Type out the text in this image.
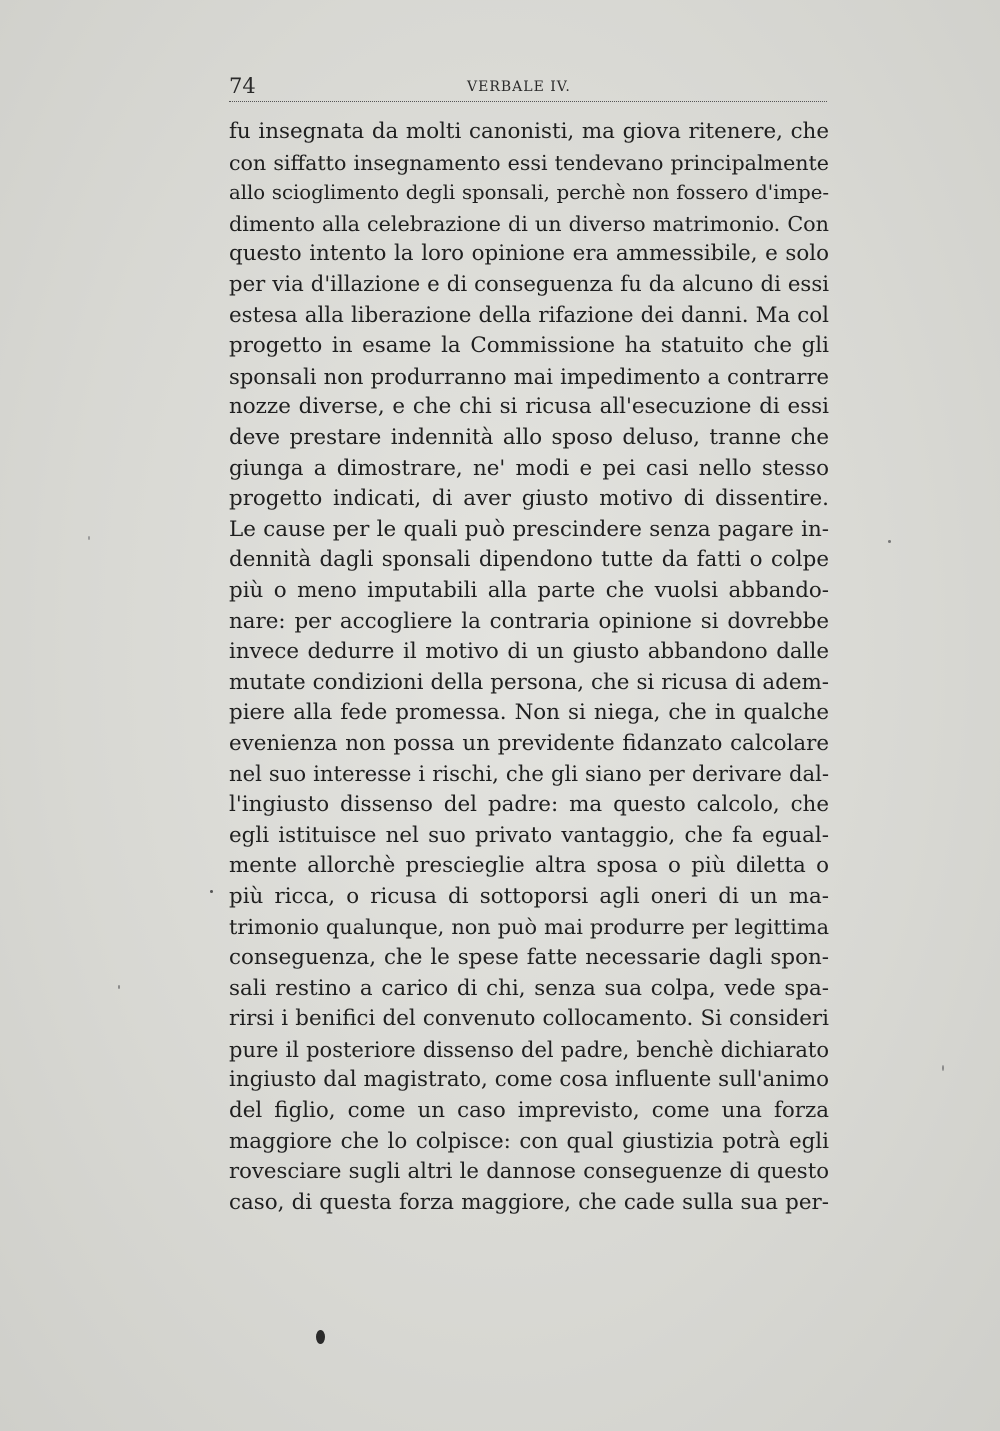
74	VERBALE IV.
fu insegnata da molti canonisti, ma giova ritenere, che
con siffatto insegnamento essi tendevano principalmente
allo scioglimento degli sponsali, perchè non fossero d'impe-
dimento alla celebrazione di un diverso matrimonio. Con
questo intento la loro opinione era ammessibile, e solo
per via d'illazione e di conseguenza fu da alcuno di essi
estesa alla liberazione della rifazione dei danni. Ma col
progetto in esame la Commissione ha statuito che gli
sponsali non produrranno mai impedimento a contrarre
nozze diverse, e che chi si ricusa all'esecuzione di essi
deve prestare indennità allo sposo deluso, tranne che
giunga a dimostrare, ne' modi e pei casi nello stesso
progetto indicati, di aver giusto motivo di dissentire.
Le cause per le quali può prescindere senza pagare in-
dennità dagli sponsali dipendono tutte da fatti o colpe
più o meno imputabili alla parte che vuolsi abbando-
nare: per accogliere la contraria opinione si dovrebbe
invece dedurre il motivo di un giusto abbandono dalle
mutate condizioni della persona, che si ricusa di adem-
piere alla fede promessa. Non si niega, che in qualche
evenienza non possa un previdente fidanzato calcolare
nel suo interesse i rischi, che gli siano per derivare dal-
l'ingiusto dissenso del padre: ma questo calcolo, che
egli istituisce nel suo privato vantaggio, che fa egual-
mente allorchè prescieglie altra sposa o più diletta o
più ricca, o ricusa di sottoporsi agli oneri di un ma-
trimonio qualunque, non può mai produrre per legittima
conseguenza, che le spese fatte necessarie dagli spon-
sali restino a carico di chi, senza sua colpa, vede spa-
rirsi i benifici del convenuto collocamento. Si consideri
pure il posteriore dissenso del padre, benchè dichiarato
ingiusto dal magistrato, come cosa influente sull'animo
del figlio, come un caso imprevisto, come una forza
maggiore che lo colpisce: con qual giustizia potrà egli
rovesciare sugli altri le dannose conseguenze di questo
caso, di questa forza maggiore, che cade sulla sua per-
